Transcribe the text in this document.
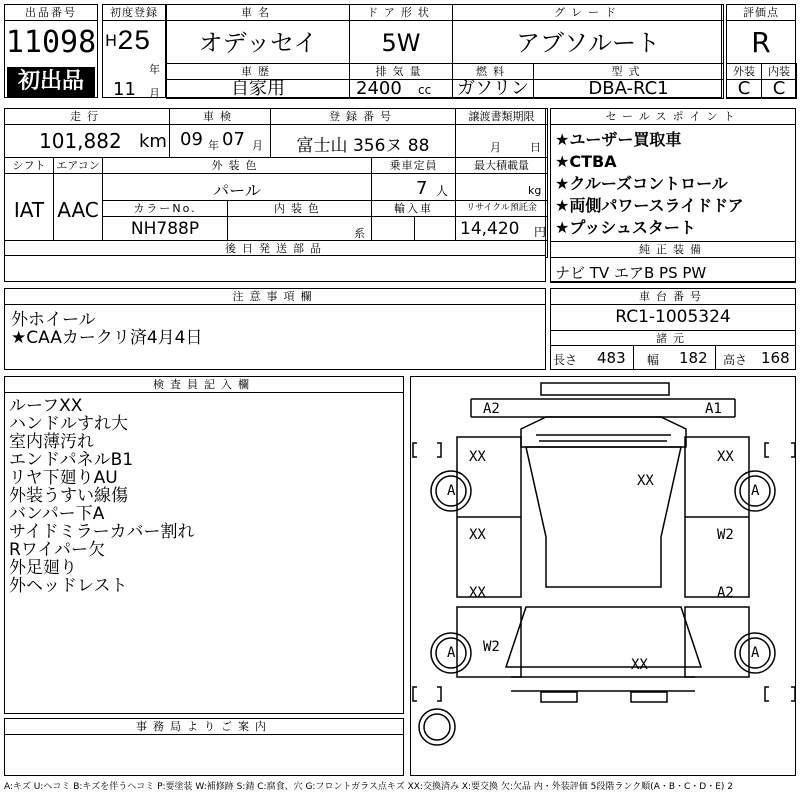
出品番号
11098
初出品
初度登録
H 25
年
11 月
車名
オデッセイ
ドア形状
5W
グレード
アブソルート
車歴
自家用
排気量
2400 cc
燃料
ガソリン
型式
DBA-RC1
評価点
R
外装
C
内装
C
走行
101,882 km
車検
09 年 07 月
登録番号
富士山 356ヌ 88
譲渡書類期限
月	日
シフト
IAT
エアコン
AAC
外装色
パール
乗車定員
7 人
最大積載量
kg
カラーNo.
NH788P
内装色
系
輸入車	リサイクル預託金
14,420 円
後日発送部品
セールスポイント
★ユーザー買取車
★CTBA
★クルーズコントロール
★両側パワースライドドア
★プッシュスタート
純正装備
ナビ TV エアB PS PW
注意事項欄
外ホイール
★CAAカークリ済4月4日
車台番号
RC1-1005324
諸元
長さ 483 幅 182 高さ 168
検査員記入欄
ルーフXX
ハンドルすれ大
室内薄汚れ
エンドパネルB1
リヤ下廻りAU
外装うすい線傷
バンパー下A
サイドミラーカバー割れ
Rワイパー欠
外足廻り
外ヘッドレスト
事務局よりご案内
A2	A1
XX	XX
XX
A	A
XX	W2
XX	A2
A W2	A
XX
A:キズ U:ヘコミ B:キズを伴うヘコミ P:要塗装 W:補修跡 S:錆 C:腐食、穴 G:フロントガラス点キズ XX:交換済み X:要交換 欠:欠品 内・外装評価 5段階ランク順(A・B・C・D・E) 2
